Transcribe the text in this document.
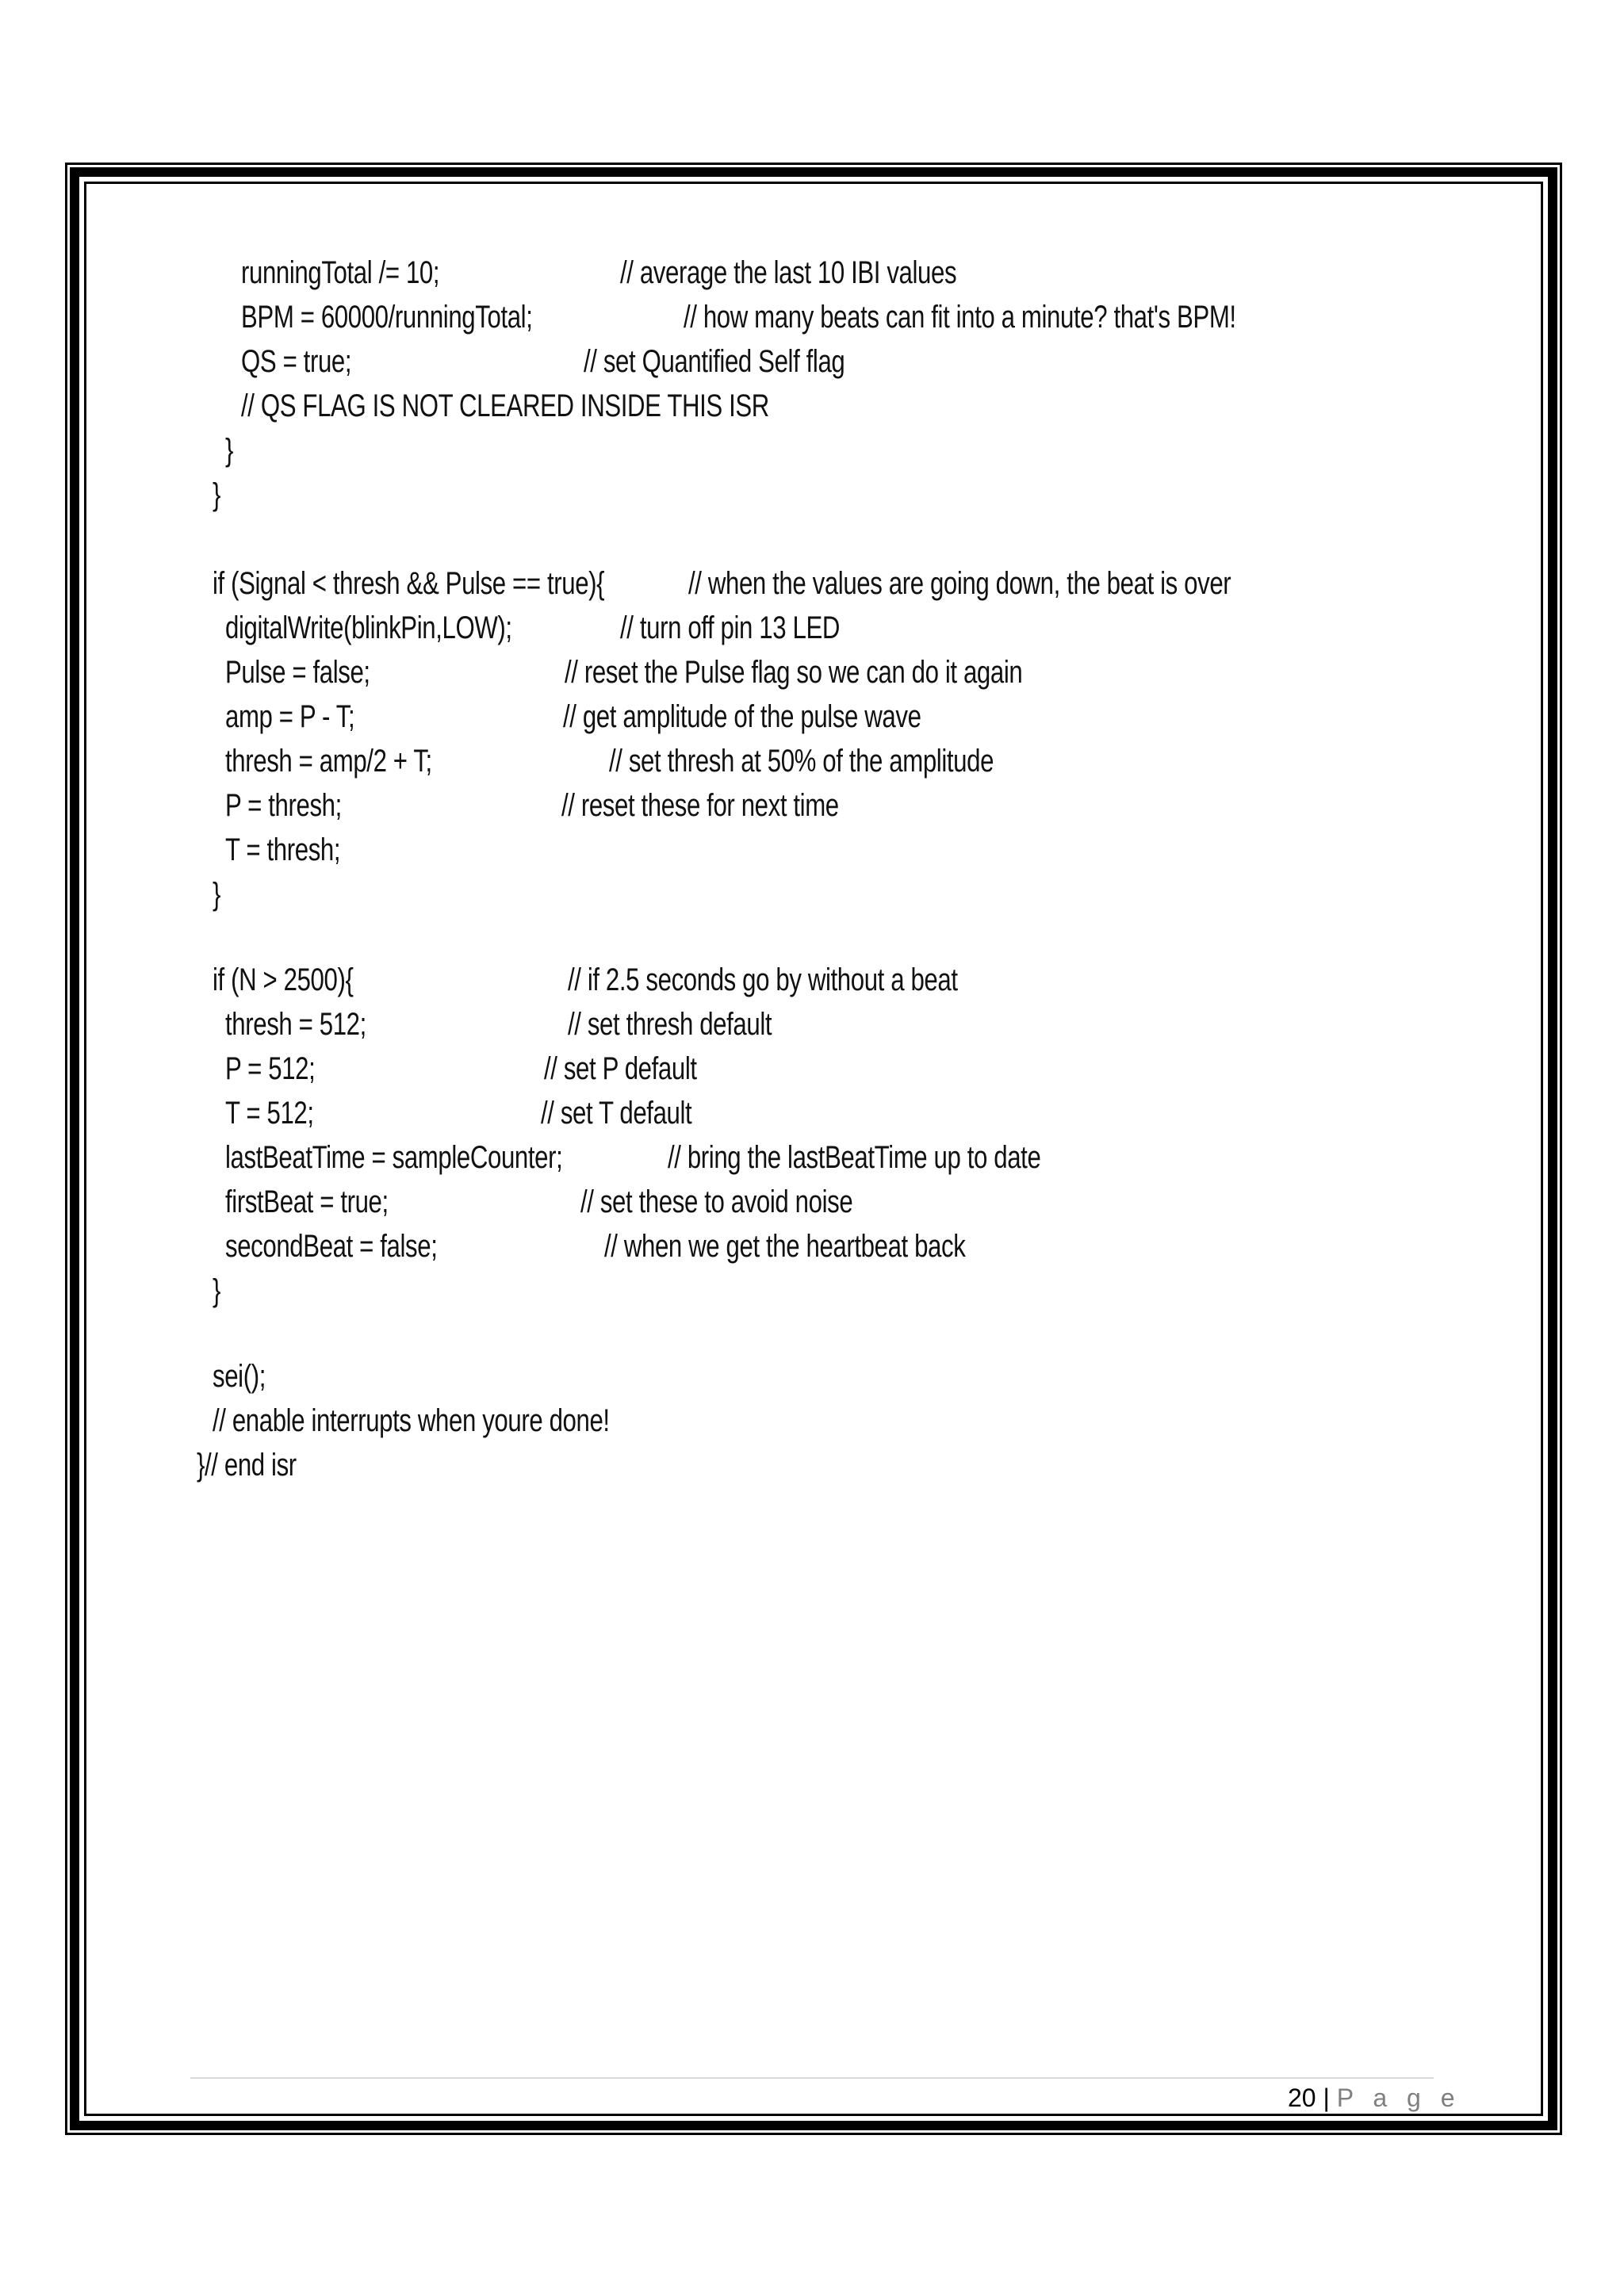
runningTotal /= 10;	// average the last 10 IBI values
BPM = 60000/runningTotal;	// how many beats can fit into a minute? that's BPM!
QS = true;	// set Quantified Self flag
// QS FLAG IS NOT CLEARED INSIDE THIS ISR
}
}
if (Signal < thresh && Pulse == true){	// when the values are going down, the beat is over
digitalWrite(blinkPin,LOW);	// turn off pin 13 LED
Pulse = false;	// reset the Pulse flag so we can do it again
amp = P - T;	// get amplitude of the pulse wave
thresh = amp/2 + T;	// set thresh at 50% of the amplitude
P = thresh;	// reset these for next time
T = thresh;
}
if (N > 2500){	// if 2.5 seconds go by without a beat
thresh = 512;	// set thresh default
P = 512;	// set P default
T = 512;	// set T default
lastBeatTime = sampleCounter;	// bring the lastBeatTime up to date
firstBeat = true;	// set these to avoid noise
secondBeat = false;	// when we get the heartbeat back
}
sei();
// enable interrupts when youre done!
}// end isr
20 | P a g e
